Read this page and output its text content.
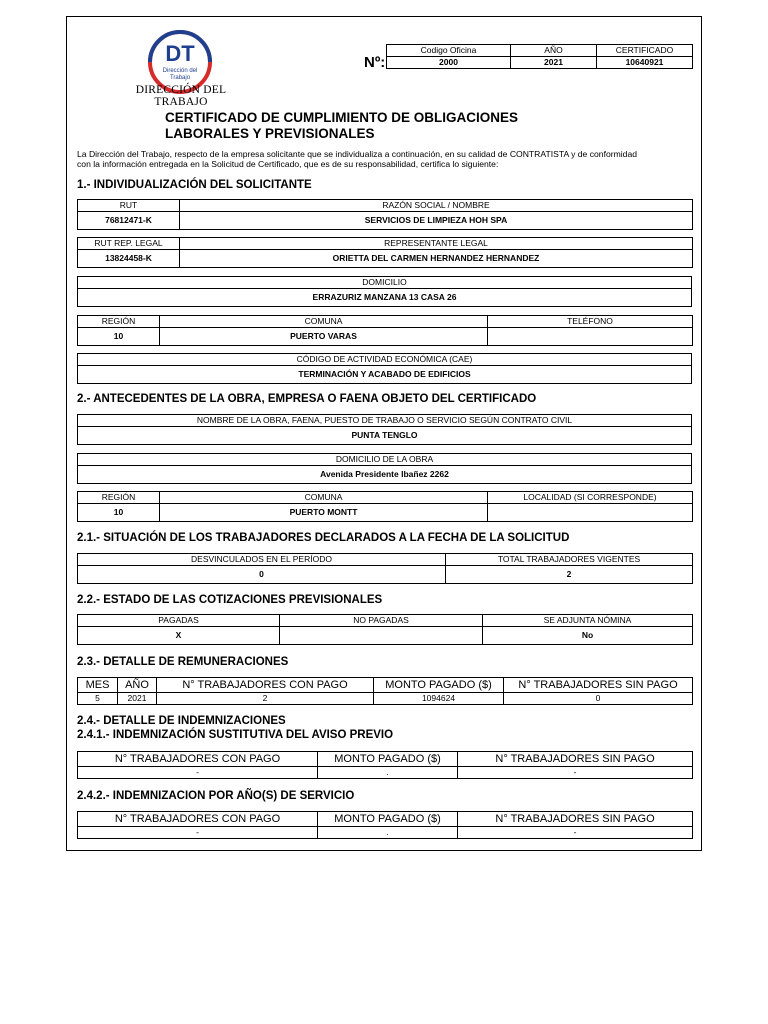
DT
Dirección del
Trabajo
DIRECCIÓN DEL TRABAJO
Nº:
Codigo Oficina	AÑO	CERTIFICADO
2000	2021	10640921
CERTIFICADO DE CUMPLIMIENTO DE OBLIGACIONES
LABORALES Y PREVISIONALES
La Dirección del Trabajo, respecto de la empresa solicitante que se individualiza a continuación, en su calidad de CONTRATISTA y de conformidad
con la información entregada en la Solicitud de Certificado, que es de su responsabilidad, certifica lo siguiente:
1.- INDIVIDUALIZACIÓN DEL SOLICITANTE
RUT	RAZÓN SOCIAL / NOMBRE
76812471-K	SERVICIOS DE LIMPIEZA HOH SPA
RUT REP. LEGAL	REPRESENTANTE LEGAL
13824458-K	ORIETTA DEL CARMEN HERNANDEZ HERNANDEZ
DOMICILIO
ERRAZURIZ MANZANA 13 CASA 26
REGIÓN	COMUNA	TELÉFONO
10	PUERTO VARAS	
CÓDIGO DE ACTIVIDAD ECONÓMICA (CAE)
TERMINACIÓN Y ACABADO DE EDIFICIOS
2.- ANTECEDENTES DE LA OBRA, EMPRESA O FAENA OBJETO DEL CERTIFICADO
NOMBRE DE LA OBRA, FAENA, PUESTO DE TRABAJO O SERVICIO SEGÚN CONTRATO CIVIL
PUNTA TENGLO
DOMICILIO DE LA OBRA
Avenida Presidente Ibañez 2262
REGIÓN	COMUNA	LOCALIDAD (SI CORRESPONDE)
10	PUERTO MONTT	
2.1.- SITUACIÓN DE LOS TRABAJADORES DECLARADOS A LA FECHA DE LA SOLICITUD
DESVINCULADOS EN EL PERÍODO	TOTAL TRABAJADORES VIGENTES
0	2
2.2.- ESTADO DE LAS COTIZACIONES PREVISIONALES
PAGADAS	NO PAGADAS	SE ADJUNTA NÓMINA
X		No
2.3.- DETALLE DE REMUNERACIONES
MES	AÑO	N° TRABAJADORES CON PAGO	MONTO PAGADO ($)	N° TRABAJADORES SIN PAGO
5	2021	2	1094624	0
2.4.- DETALLE DE INDEMNIZACIONES
2.4.1.- INDEMNIZACIÓN SUSTITUTIVA DEL AVISO PREVIO
N° TRABAJADORES CON PAGO	MONTO PAGADO ($)	N° TRABAJADORES SIN PAGO
-	.	-
2.4.2.- INDEMNIZACION POR AÑO(S) DE SERVICIO
N° TRABAJADORES CON PAGO	MONTO PAGADO ($)	N° TRABAJADORES SIN PAGO
-	.	-
